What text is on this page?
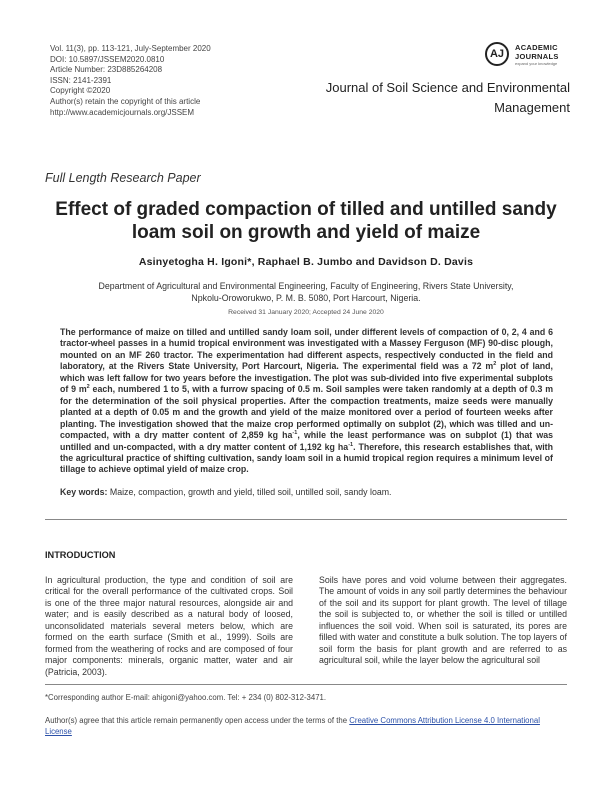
Vol. 11(3), pp. 113-121, July-September 2020
DOI: 10.5897/JSSEM2020.0810
Article Number: 23D885264208
ISSN: 2141-2391
Copyright ©2020
Author(s) retain the copyright of this article
http://www.academicjournals.org/JSSEM
AJ
ACADEMIC
JOURNALS
expand your knowledge
Journal of Soil Science and Environmental
Management
Full Length Research Paper
Effect of graded compaction of tilled and untilled sandy
loam soil on growth and yield of maize
Asinyetogha H. Igoni*, Raphael B. Jumbo and Davidson D. Davis
Department of Agricultural and Environmental Engineering, Faculty of Engineering, Rivers State University,
Npkolu-Oroworukwo, P. M. B. 5080, Port Harcourt, Nigeria.
Received 31 January 2020; Accepted 24 June 2020
The performance of maize on tilled and untilled sandy loam soil, under different levels of compaction of 0, 2, 4 and 6 tractor-wheel passes in a humid tropical environment was investigated with a Massey Ferguson (MF) 90-disc plough, mounted on an MF 260 tractor. The experimentation had different aspects, respectively conducted in the field and laboratory, at the Rivers State University, Port Harcourt, Nigeria. The experimental field was a 72 $m^2$ plot of land, which was left fallow for two years before the investigation. The plot was sub-divided into five experimental subplots of 9 $m^2$ each, numbered 1 to 5, with a furrow spacing of 0.5 m. Soil samples were taken randomly at a depth of 0.3 m for the determination of the soil physical properties. After the compaction treatments, maize seeds were manually planted at a depth of 0.05 m and the growth and yield of the maize monitored over a period of fourteen weeks after planting. The investigation showed that the maize crop performed optimally on subplot (2), which was tilled and un-compacted, with a dry matter content of 2,859 kg $ha^{-1}$, while the least performance was on subplot (1) that was untilled and un-compacted, with a dry matter content of 1,192 kg $ha^{-1}$. Therefore, this research establishes that, with the agricultural practice of shifting cultivation, sandy loam soil in a humid tropical region requires a minimum level of tillage to achieve optimal yield of maize crop.
Key words: Maize, compaction, growth and yield, tilled soil, untilled soil, sandy loam.
INTRODUCTION
In agricultural production, the type and condition of soil are critical for the overall performance of the cultivated crops. Soil is one of the three major natural resources, alongside air and water; and is easily described as a natural body of loosed, unconsolidated materials several meters below, which are formed on the earth surface (Smith et al., 1999). Soils are formed from the weathering of rocks and are composed of four major components: minerals, organic matter, water and air (Patricia, 2003).
Soils have pores and void volume between their aggregates. The amount of voids in any soil partly determines the behaviour of the soil and its support for plant growth. The level of tillage the soil is subjected to, or whether the soil is tilled or untilled influences the soil void. When soil is saturated, its pores are filled with water and constitute a bulk solution. The top layers of soil form the basis for plant growth and are referred to as agricultural soil, while the layer below the agricultural soil
*Corresponding author E-mail: ahigoni@yahoo.com. Tel: + 234 (0) 802-312-3471.
Author(s) agree that this article remain permanently open access under the terms of the Creative Commons Attribution License 4.0 International License
